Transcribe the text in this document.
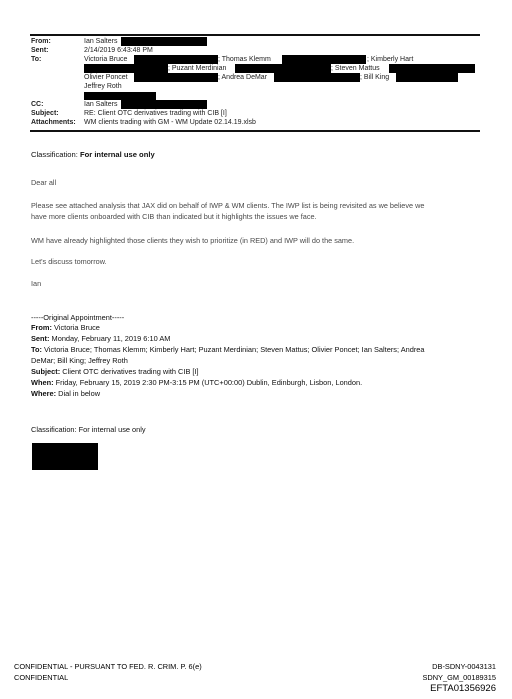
From:	Ian Salters
Sent:	2/14/2019 6:43:48 PM
To:	Victoria Bruce	; Thomas Klemm	; Kimberly Hart
; Puzant Merdinian	; Steven Mattus
Olivier Poncet	; Andrea DeMar	; Bill King
Jeffrey Roth
CC:	Ian Salters
Subject:	RE: Client OTC derivatives trading with CIB [I]
Attachments: WM clients trading with GM - WM Update 02.14.19.xlsb
Classification: For internal use only
Dear all
Please see attached analysis that JAX did on behalf of IWP & WM clients. The IWP list is being revisited as we believe we
have more clients onboarded with CIB than indicated but it highlights the issues we face.
WM have already highlighted those clients they wish to prioritize (in RED) and IWP will do the same.
Let's discuss tomorrow.
Ian
-----Original Appointment-----
From: Victoria Bruce
Sent: Monday, February 11, 2019 6:10 AM
To: Victoria Bruce; Thomas Klemm; Kimberly Hart; Puzant Merdinian; Steven Mattus; Olivier Poncet; Ian Salters; Andrea
DeMar; Bill King; Jeffrey Roth
Subject: Client OTC derivatives trading with CIB [I]
When: Friday, February 15, 2019 2:30 PM-3:15 PM (UTC+00:00) Dublin, Edinburgh, Lisbon, London.
Where: Dial in below
Classification: For internal use only
CONFIDENTIAL - PURSUANT TO FED. R. CRIM. P. 6(e)
CONFIDENTIAL
DB-SDNY-0043131
SDNY_GM_00189315
EFTA01356926
